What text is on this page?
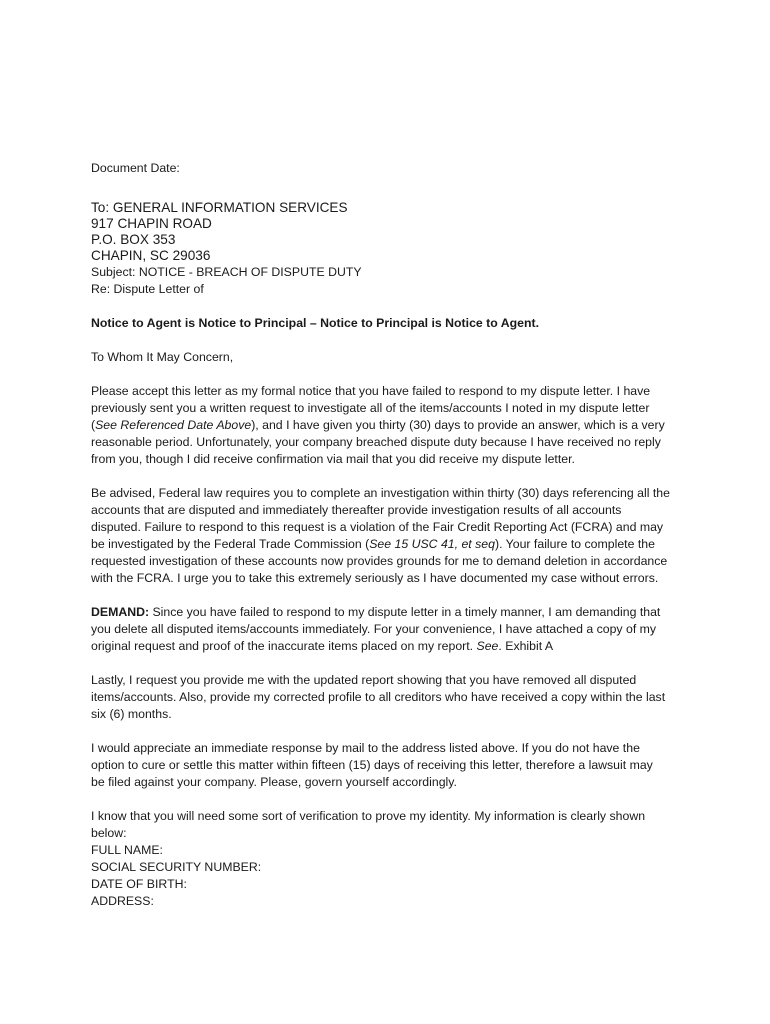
Document Date:
To: GENERAL INFORMATION SERVICES
917 CHAPIN ROAD
P.O. BOX 353
CHAPIN, SC 29036
Subject: NOTICE - BREACH OF DISPUTE DUTY
Re: Dispute Letter of
Notice to Agent is Notice to Principal – Notice to Principal is Notice to Agent.
To Whom It May Concern,
Please accept this letter as my formal notice that you have failed to respond to my dispute letter. I have
previously sent you a written request to investigate all of the items/accounts I noted in my dispute letter
(See Referenced Date Above), and I have given you thirty (30) days to provide an answer, which is a very
reasonable period. Unfortunately, your company breached dispute duty because I have received no reply
from you, though I did receive confirmation via mail that you did receive my dispute letter.
Be advised, Federal law requires you to complete an investigation within thirty (30) days referencing all the
accounts that are disputed and immediately thereafter provide investigation results of all accounts
disputed. Failure to respond to this request is a violation of the Fair Credit Reporting Act (FCRA) and may
be investigated by the Federal Trade Commission (See 15 USC 41, et seq). Your failure to complete the
requested investigation of these accounts now provides grounds for me to demand deletion in accordance
with the FCRA. I urge you to take this extremely seriously as I have documented my case without errors.
DEMAND: Since you have failed to respond to my dispute letter in a timely manner, I am demanding that
you delete all disputed items/accounts immediately. For your convenience, I have attached a copy of my
original request and proof of the inaccurate items placed on my report. See. Exhibit A
Lastly, I request you provide me with the updated report showing that you have removed all disputed
items/accounts. Also, provide my corrected profile to all creditors who have received a copy within the last
six (6) months.
I would appreciate an immediate response by mail to the address listed above. If you do not have the
option to cure or settle this matter within fifteen (15) days of receiving this letter, therefore a lawsuit may
be filed against your company. Please, govern yourself accordingly.
I know that you will need some sort of verification to prove my identity. My information is clearly shown
below:
FULL NAME:
SOCIAL SECURITY NUMBER:
DATE OF BIRTH:
ADDRESS:
